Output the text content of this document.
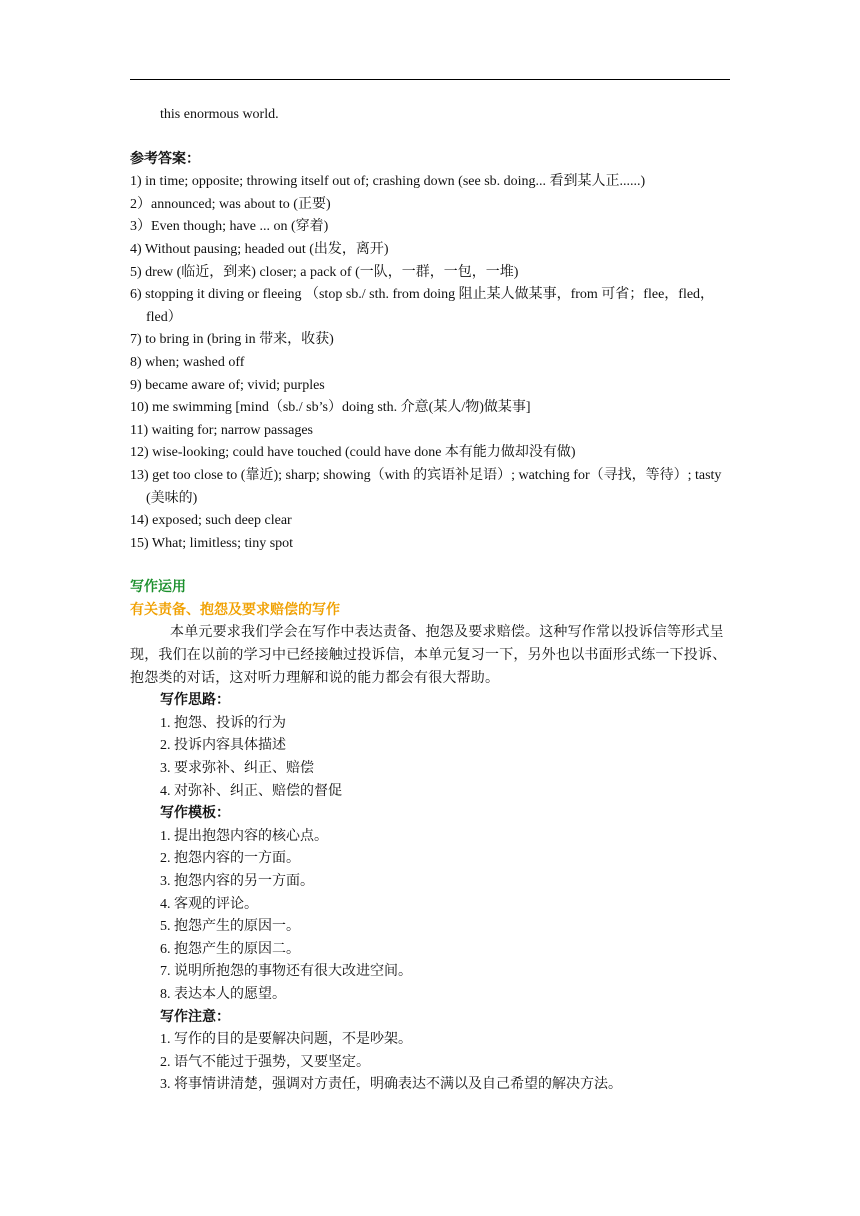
this enormous world.
参考答案：
1) in time; opposite; throwing itself out of; crashing down (see sb. doing... 看到某人正......)
2）announced; was about to (正要)
3）Even though; have ... on (穿着)
4) Without pausing; headed out (出发，离开)
5) drew (临近，到来) closer; a pack of (一队，一群，一包，一堆)
6) stopping it diving or fleeing （stop sb./ sth. from doing 阻止某人做某事，from 可省；flee，fled，fled）
7) to bring in (bring in 带来，收获)
8) when; washed off
9) became aware of; vivid; purples
10) me swimming [mind（sb./ sb’s）doing sth. 介意(某人/物)做某事]
11) waiting for; narrow passages
12) wise-looking; could have touched (could have done 本有能力做却没有做)
13) get too close to (靠近); sharp; showing（with 的宾语补足语）; watching for（寻找，等待）; tasty (美味的)
14) exposed; such deep clear
15) What; limitless; tiny spot
写作运用
有关责备、抱怨及要求赔偿的写作
本单元要求我们学会在写作中表达责备、抱怨及要求赔偿。这种写作常以投诉信等形式呈现，我们在以前的学习中已经接触过投诉信，本单元复习一下，另外也以书面形式练一下投诉、抱怨类的对话，这对听力理解和说的能力都会有很大帮助。
写作思路：
1. 抱怨、投诉的行为
2. 投诉内容具体描述
3. 要求弥补、纠正、赔偿
4. 对弥补、纠正、赔偿的督促
写作模板：
1. 提出抱怨内容的核心点。
2. 抱怨内容的一方面。
3. 抱怨内容的另一方面。
4. 客观的评论。
5. 抱怨产生的原因一。
6. 抱怨产生的原因二。
7. 说明所抱怨的事物还有很大改进空间。
8. 表达本人的愿望。
写作注意：
1. 写作的目的是要解决问题，不是吵架。
2. 语气不能过于强势，又要坚定。
3. 将事情讲清楚，强调对方责任，明确表达不满以及自己希望的解决方法。
